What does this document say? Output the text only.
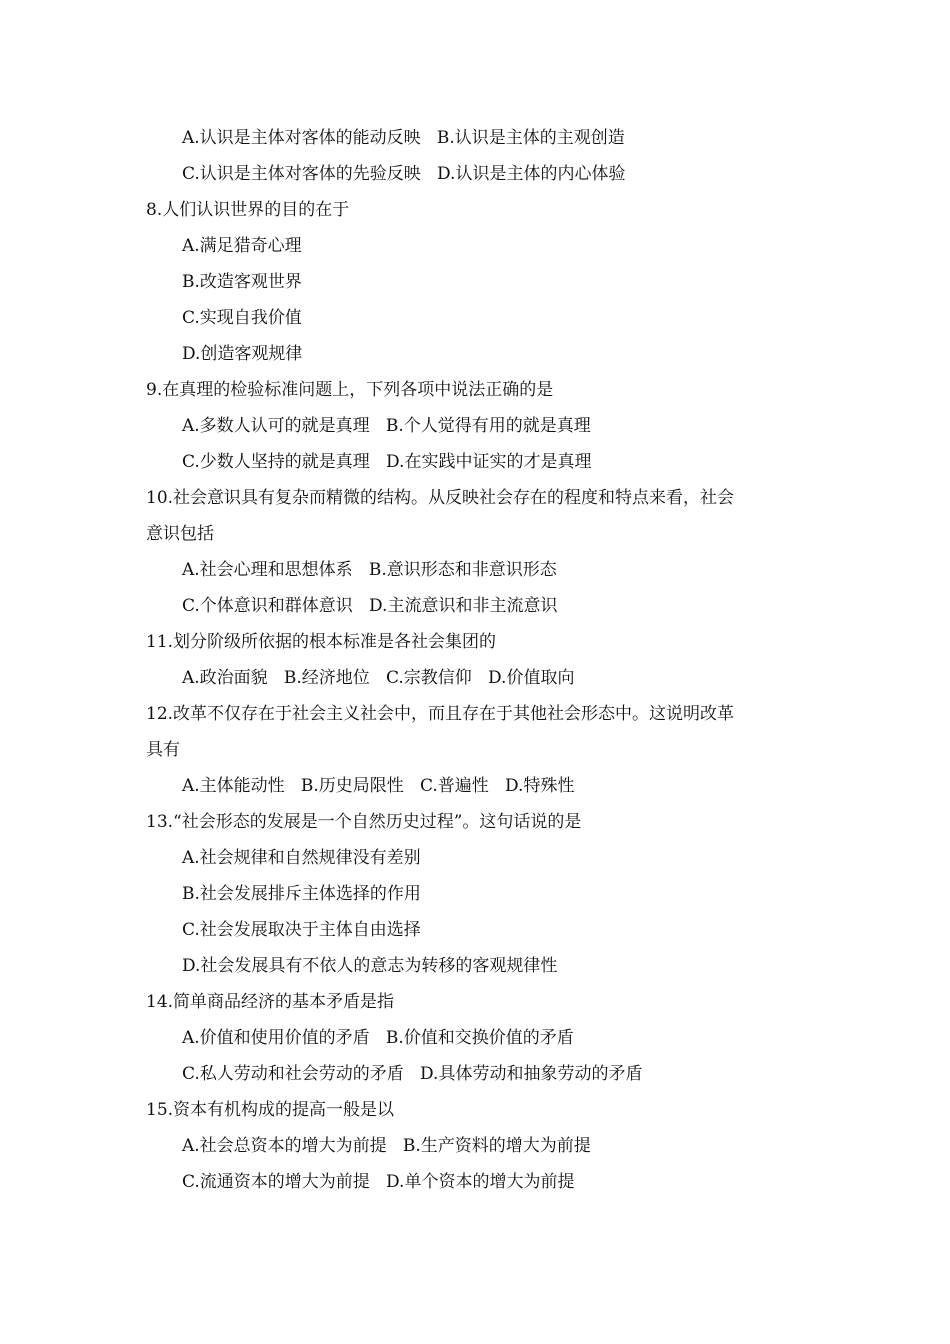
A.认识是主体对客体的能动反映   B.认识是主体的主观创造
C.认识是主体对客体的先验反映   D.认识是主体的内心体验
8.人们认识世界的目的在于
A.满足猎奇心理
B.改造客观世界
C.实现自我价值
D.创造客观规律
9.在真理的检验标准问题上，下列各项中说法正确的是
A.多数人认可的就是真理   B.个人觉得有用的就是真理
C.少数人坚持的就是真理   D.在实践中证实的才是真理
10.社会意识具有复杂而精微的结构。从反映社会存在的程度和特点来看，社会
意识包括
A.社会心理和思想体系   B.意识形态和非意识形态
C.个体意识和群体意识   D.主流意识和非主流意识
11.划分阶级所依据的根本标准是各社会集团的
A.政治面貌   B.经济地位   C.宗教信仰   D.价值取向
12.改革不仅存在于社会主义社会中，而且存在于其他社会形态中。这说明改革
具有
A.主体能动性   B.历史局限性   C.普遍性   D.特殊性
13.“社会形态的发展是一个自然历史过程”。这句话说的是
A.社会规律和自然规律没有差别
B.社会发展排斥主体选择的作用
C.社会发展取决于主体自由选择
D.社会发展具有不依人的意志为转移的客观规律性
14.简单商品经济的基本矛盾是指
A.价值和使用价值的矛盾   B.价值和交换价值的矛盾
C.私人劳动和社会劳动的矛盾   D.具体劳动和抽象劳动的矛盾
15.资本有机构成的提高一般是以
A.社会总资本的增大为前提   B.生产资料的增大为前提
C.流通资本的增大为前提   D.单个资本的增大为前提
